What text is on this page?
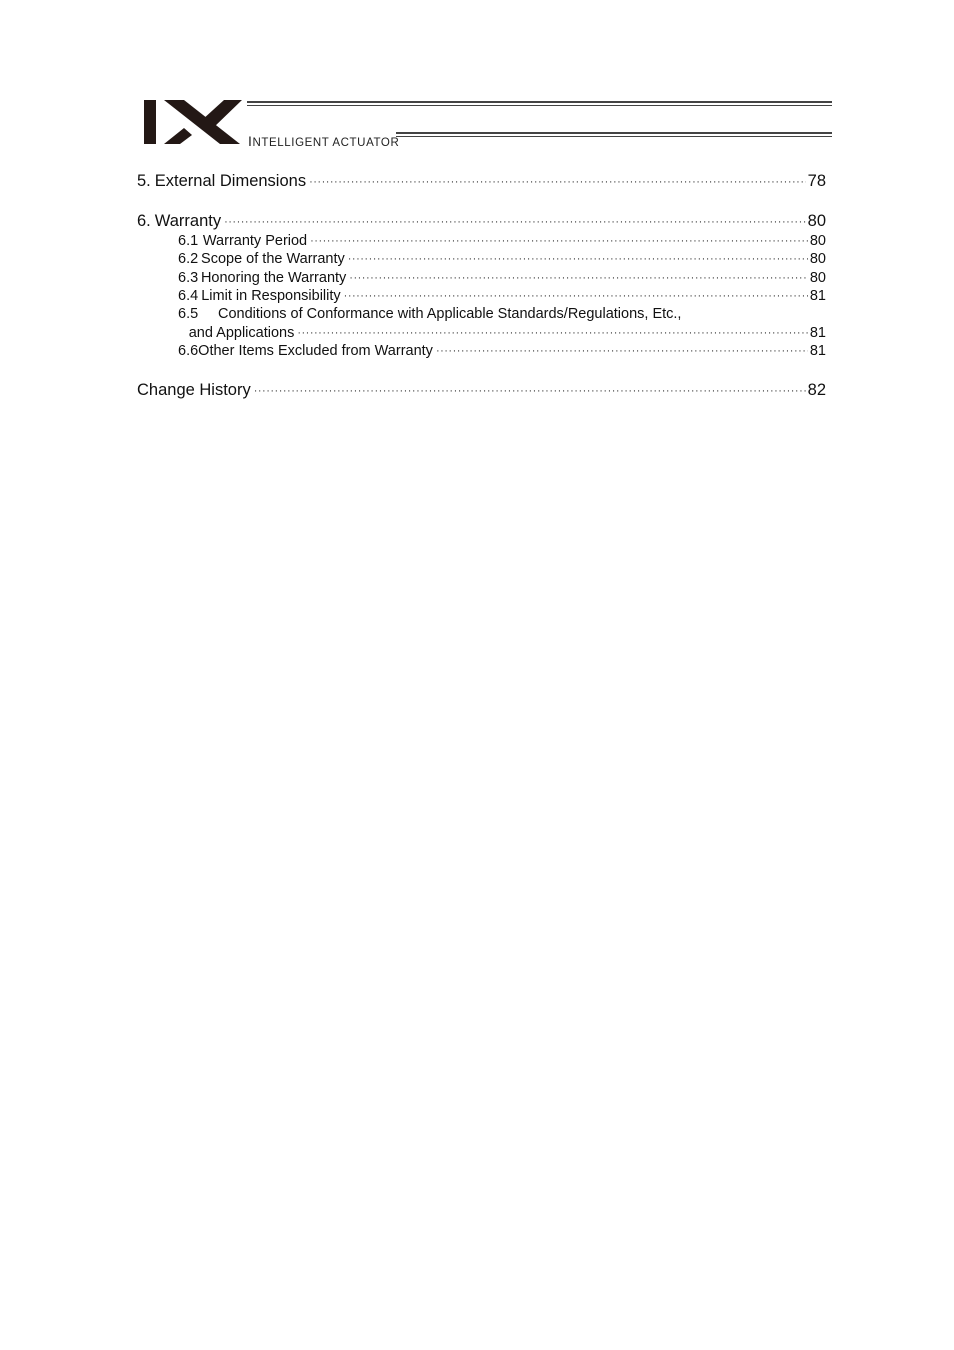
INTELLIGENT ACTUATOR
5. External Dimensions ·····	78
6. Warranty ·····	80
6.1 Warranty Period ·····	80
6.2 Scope of the Warranty ·····	80
6.3 Honoring the Warranty ·····	80
6.4 Limit in Responsibility ·····	81
6.5	Conditions of Conformance with Applicable Standards/Regulations, Etc.,
and Applications ·····	81
6.6 Other Items Excluded from Warranty ·····	81
Change History ·····	82
